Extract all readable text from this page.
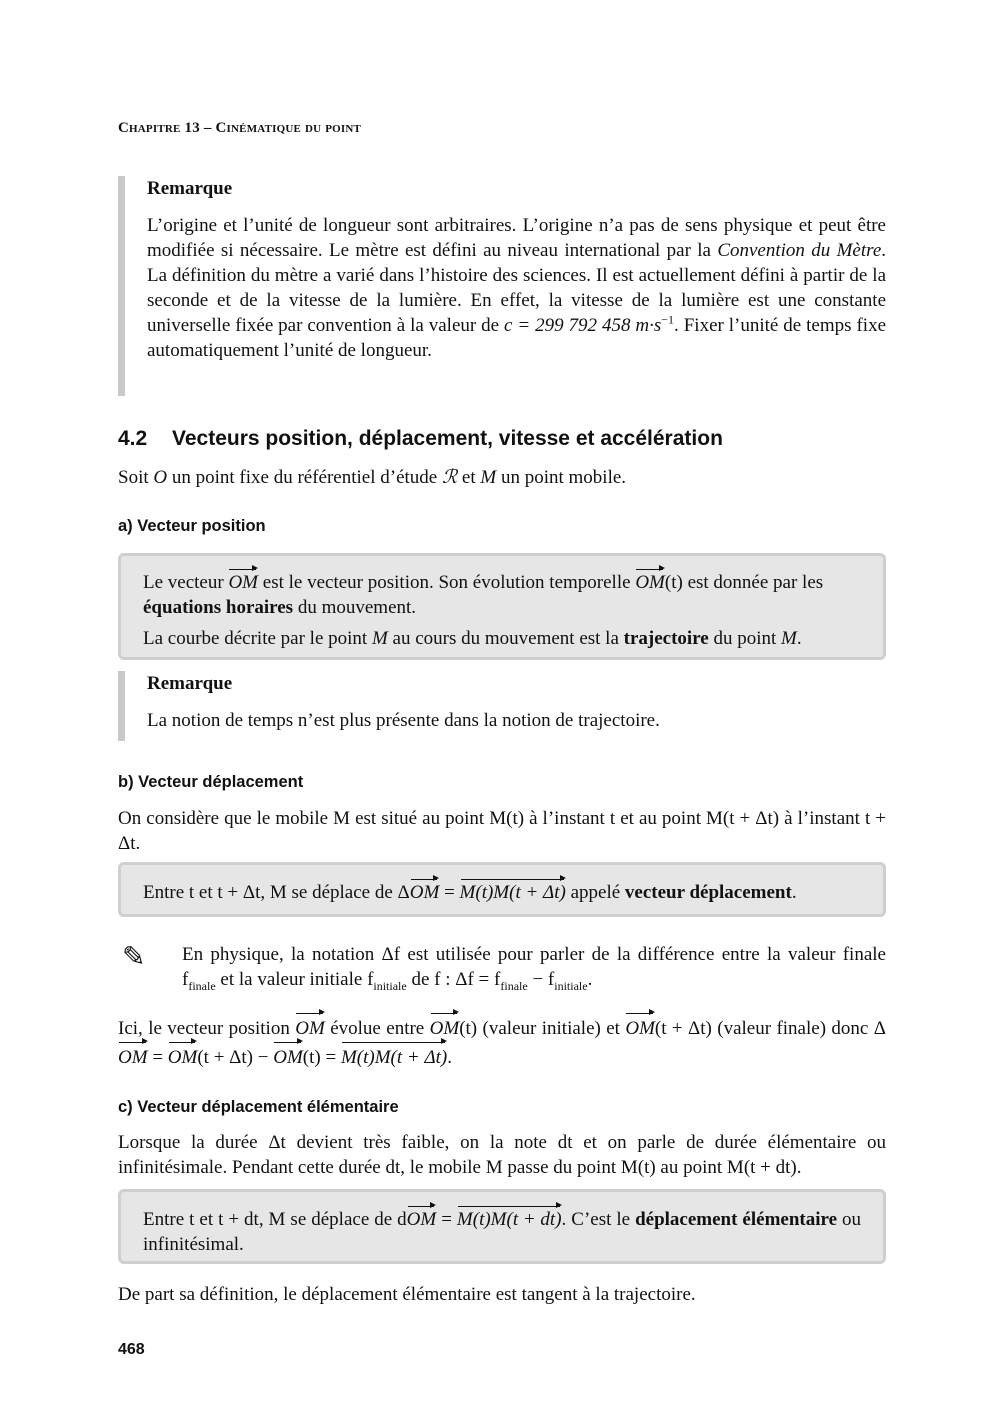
Chapitre 13 – Cinématique du point

Remarque

L’origine et l’unité de longueur sont arbitraires. L’origine n’a pas de sens physique et peut être modifiée si nécessaire. Le mètre est défini au niveau international par la Convention du Mètre. La définition du mètre a varié dans l’histoire des sciences. Il est actuellement défini à partir de la seconde et de la vitesse de la lumière. En effet, la vitesse de la lumière est une constante universelle fixée par convention à la valeur de c = 299 792 458 $m\cdot s^{-1}$. Fixer l’unité de temps fixe automatiquement l’unité de longueur.

4.2 Vecteurs position, déplacement, vitesse et accélération

Soit O un point fixe du référentiel d’étude ℛ et M un point mobile.

a) Vecteur position

Le vecteur OM est le vecteur position. Son évolution temporelle OM(t) est donnée par les équations horaires du mouvement.

La courbe décrite par le point M au cours du mouvement est la trajectoire du point M.

Remarque

La notion de temps n’est plus présente dans la notion de trajectoire.

b) Vecteur déplacement

On considère que le mobile M est situé au point M(t) à l’instant t et au point M(t + Δt) à l’instant t + Δt.

Entre t et t + Δt, M se déplace de ΔOM = M(t)M(t + Δt) appelé vecteur déplacement.

✎ En physique, la notation Δf est utilisée pour parler de la différence entre la valeur finale $f_{finale}$ et la valeur initiale $f_{initiale}$ de f : $\Delta f = f_{finale} - f_{initiale}$.

Ici, le vecteur position OM évolue entre OM(t) (valeur initiale) et OM(t + Δt) (valeur finale) donc ΔOM = OM(t + Δt) − OM(t) = M(t)M(t + Δt).

c) Vecteur déplacement élémentaire

Lorsque la durée Δt devient très faible, on la note dt et on parle de durée élémentaire ou infinitésimale. Pendant cette durée dt, le mobile M passe du point M(t) au point M(t + dt).

Entre t et t + dt, M se déplace de dOM = M(t)M(t + dt). C’est le déplacement élémentaire ou infinitésimal.

De part sa définition, le déplacement élémentaire est tangent à la trajectoire.

468
